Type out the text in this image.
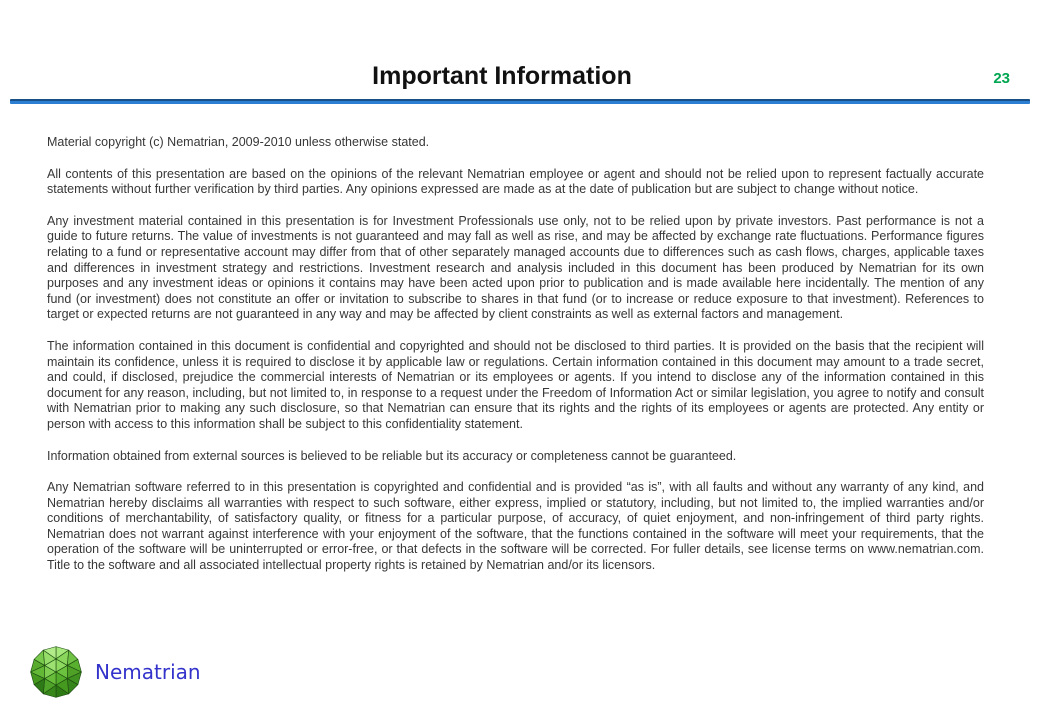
Important Information	23

Material copyright (c) Nematrian, 2009-2010 unless otherwise stated.

All contents of this presentation are based on the opinions of the relevant Nematrian employee or agent and should not be relied upon to represent factually accurate statements without further verification by third parties. Any opinions expressed are made as at the date of publication but are subject to change without notice.

Any investment material contained in this presentation is for Investment Professionals use only, not to be relied upon by private investors. Past performance is not a guide to future returns. The value of investments is not guaranteed and may fall as well as rise, and may be affected by exchange rate fluctuations. Performance figures relating to a fund or representative account may differ from that of other separately managed accounts due to differences such as cash flows, charges, applicable taxes and differences in investment strategy and restrictions. Investment research and analysis included in this document has been produced by Nematrian for its own purposes and any investment ideas or opinions it contains may have been acted upon prior to publication and is made available here incidentally. The mention of any fund (or investment) does not constitute an offer or invitation to subscribe to shares in that fund (or to increase or reduce exposure to that investment). References to target or expected returns are not guaranteed in any way and may be affected by client constraints as well as external factors and management.

The information contained in this document is confidential and copyrighted and should not be disclosed to third parties. It is provided on the basis that the recipient will maintain its confidence, unless it is required to disclose it by applicable law or regulations. Certain information contained in this document may amount to a trade secret, and could, if disclosed, prejudice the commercial interests of Nematrian or its employees or agents. If you intend to disclose any of the information contained in this document for any reason, including, but not limited to, in response to a request under the Freedom of Information Act or similar legislation, you agree to notify and consult with Nematrian prior to making any such disclosure, so that Nematrian can ensure that its rights and the rights of its employees or agents are protected. Any entity or person with access to this information shall be subject to this confidentiality statement.

Information obtained from external sources is believed to be reliable but its accuracy or completeness cannot be guaranteed.

Any Nematrian software referred to in this presentation is copyrighted and confidential and is provided “as is”, with all faults and without any warranty of any kind, and Nematrian hereby disclaims all warranties with respect to such software, either express, implied or statutory, including, but not limited to, the implied warranties and/or conditions of merchantability, of satisfactory quality, or fitness for a particular purpose, of accuracy, of quiet enjoyment, and non-infringement of third party rights. Nematrian does not warrant against interference with your enjoyment of the software, that the functions contained in the software will meet your requirements, that the operation of the software will be uninterrupted or error-free, or that defects in the software will be corrected. For fuller details, see license terms on www.nematrian.com. Title to the software and all associated intellectual property rights is retained by Nematrian and/or its licensors.

Nematrian
